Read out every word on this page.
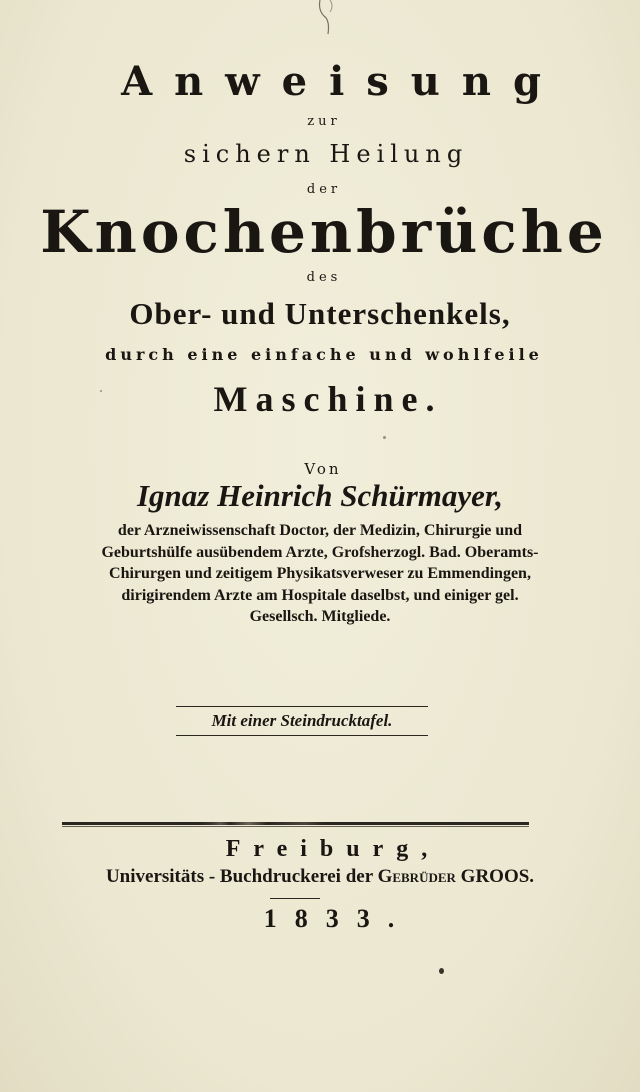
Anweisung
zur
sichern Heilung
der
Knochenbrüche
des
Ober- und Unterschenkels,
durch eine einfache und wohlfeile
Maschine.
Von
Ignaz Heinrich Schürmayer,
der Arzneiwissenschaft Doctor, der Medizin, Chirurgie und
Geburtshülfe ausübendem Arzte, Grofsherzogl. Bad. Oberamts-
Chirurgen und zeitigem Physikatsverweser zu Emmendingen,
dirigirendem Arzte am Hospitale daselbst, und einiger gel.
Gesellsch. Mitgliede.
Mit einer Steindrucktafel.
Freiburg,
Universitäts - Buchdruckerei der Gebrüder GROOS.
1833.
